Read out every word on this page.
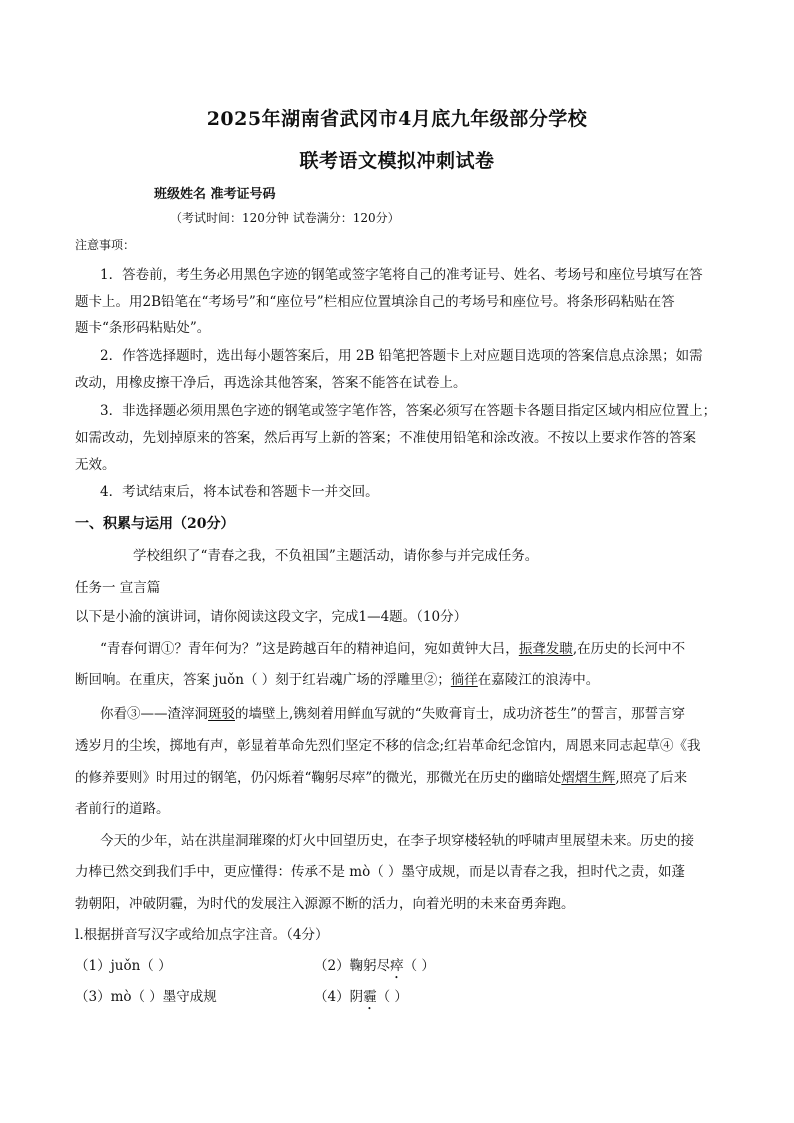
2025年湖南省武冈市4月底九年级部分学校
联考语文模拟冲刺试卷
班级姓名 准考证号码
（考试时间：120分钟 试卷满分：120分）
注意事项：
1．答卷前，考生务必用黑色字迹的钢笔或签字笔将自己的准考证号、姓名、考场号和座位号填写在答
题卡上。用2B铅笔在“考场号”和“座位号”栏相应位置填涂自己的考场号和座位号。将条形码粘贴在答
题卡“条形码粘贴处”。
2．作答选择题时，选出每小题答案后，用 2B 铅笔把答题卡上对应题目选项的答案信息点涂黑；如需
改动，用橡皮擦干净后，再选涂其他答案，答案不能答在试卷上。
3．非选择题必须用黑色字迹的钢笔或签字笔作答，答案必须写在答题卡各题目指定区域内相应位置上；
如需改动，先划掉原来的答案，然后再写上新的答案；不准使用铅笔和涂改液。不按以上要求作答的答案
无效。
4．考试结束后，将本试卷和答题卡一并交回。
一、积累与运用（20分）
学校组织了“青春之我，不负祖国”主题活动，请你参与并完成任务。
任务一 宣言篇
以下是小渝的演讲词，请你阅读这段文字，完成1—4题。（10分）
“青春何谓①？青年何为？”这是跨越百年的精神追问，宛如黄钟大吕，振聋发聩,在历史的长河中不
断回响。在重庆，答案 juǒn（ ）刻于红岩魂广场的浮雕里②；徜徉在嘉陵江的浪涛中。
你看③——渣滓洞斑驳的墙壁上,镌刻着用鲜血写就的“失败膏肓士，成功济苍生”的誓言，那誓言穿
透岁月的尘埃，掷地有声，彰显着革命先烈们坚定不移的信念;红岩革命纪念馆内，周恩来同志起草④《我
的修养要则》时用过的钢笔，仍闪烁着“鞠躬尽瘁”的微光，那微光在历史的幽暗处熠熠生辉,照亮了后来
者前行的道路。
今天的少年，站在洪崖洞璀璨的灯火中回望历史，在李子坝穿楼轻轨的呼啸声里展望未来。历史的接
力棒已然交到我们手中，更应懂得：传承不是 mò（ ）墨守成规，而是以青春之我，担时代之责，如蓬
勃朝阳，冲破阴霾，为时代的发展注入源源不断的活力，向着光明的未来奋勇奔跑。
l.根据拼音写汉字或给加点字注音。（4分）
（1）juǒn（ ）	（2）鞠躬尽瘁（ ）
（3）mò（ ）墨守成规	（4）阴霾（ ）
